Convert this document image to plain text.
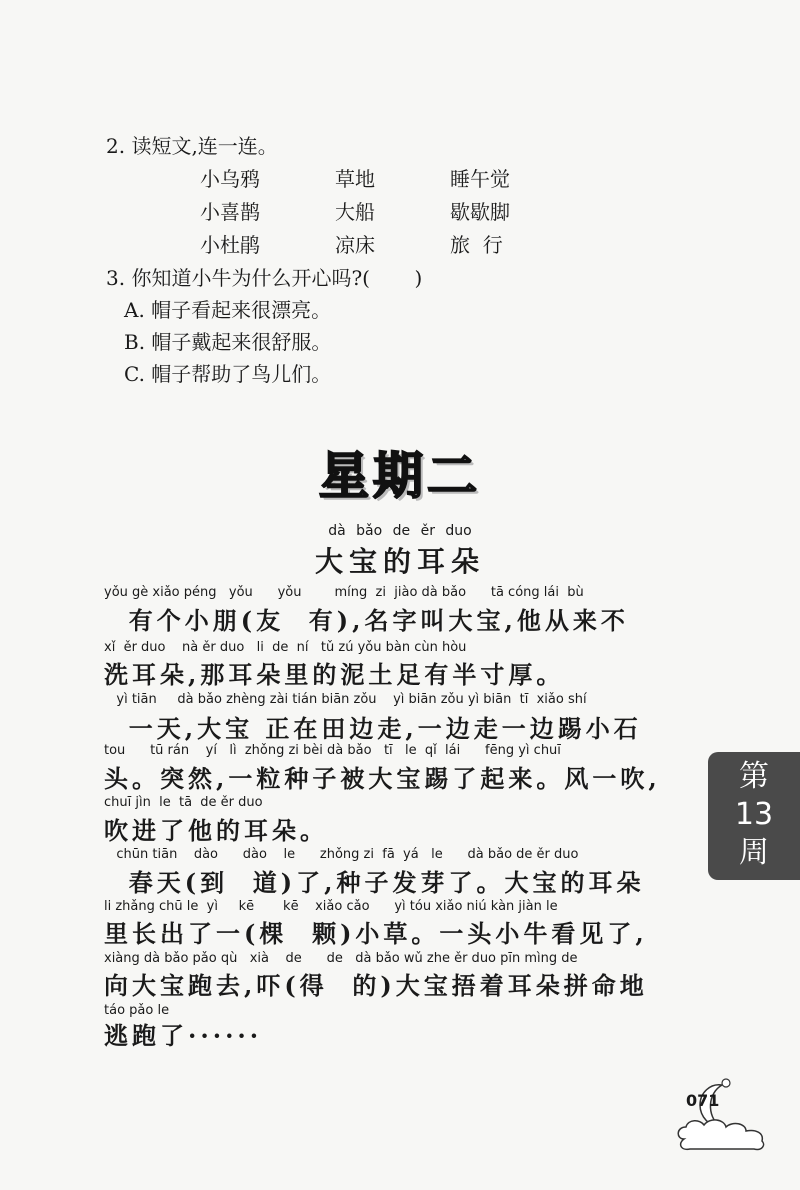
2. 读短文,连一连。
小乌鸦
小喜鹊
小杜鹃
草地
大船
凉床
睡午觉
歇歇脚
旅  行
3. 你知道小牛为什么开心吗?(       )
A. 帽子看起来很漂亮。
B. 帽子戴起来很舒服。
C. 帽子帮助了鸟儿们。
星期二
dà bǎo de ěr duo
大宝的耳朵
yǒu gè xiǎo péng   yǒu      yǒu        míng  zi  jiào dà bǎo      tā cóng lái  bù
有个小朋(友  有),名字叫大宝,他从来不
xǐ  ěr duo    nà ěr duo   li  de  ní   tǔ zú yǒu bàn cùn hòu
洗耳朵,那耳朵里的泥土足有半寸厚。
yì tiān     dà bǎo zhèng zài tián biān zǒu    yì biān zǒu yì biān  tī  xiǎo shí
一天,大宝 正在田边走,一边走一边踢小石
tou      tū rán    yí   lì  zhǒng zi bèi dà bǎo   tī   le  qǐ  lái      fēng yì chuī
头。突然,一粒种子被大宝踢了起来。风一吹,
chuī jìn  le  tā  de ěr duo
吹进了他的耳朵。
chūn tiān    dào      dào    le      zhǒng zi  fā  yá   le      dà bǎo de ěr duo
春天(到  道)了,种子发芽了。大宝的耳朵
li zhǎng chū le  yì     kē       kē    xiǎo cǎo      yì tóu xiǎo niú kàn jiàn le
里长出了一(棵  颗)小草。一头小牛看见了,
xiàng dà bǎo pǎo qù   xià    de      de   dà bǎo wǔ zhe ěr duo pīn mìng de
向大宝跑去,吓(得  的)大宝捂着耳朵拼命地
táo pǎo le
逃跑了······
第
13
周
071
